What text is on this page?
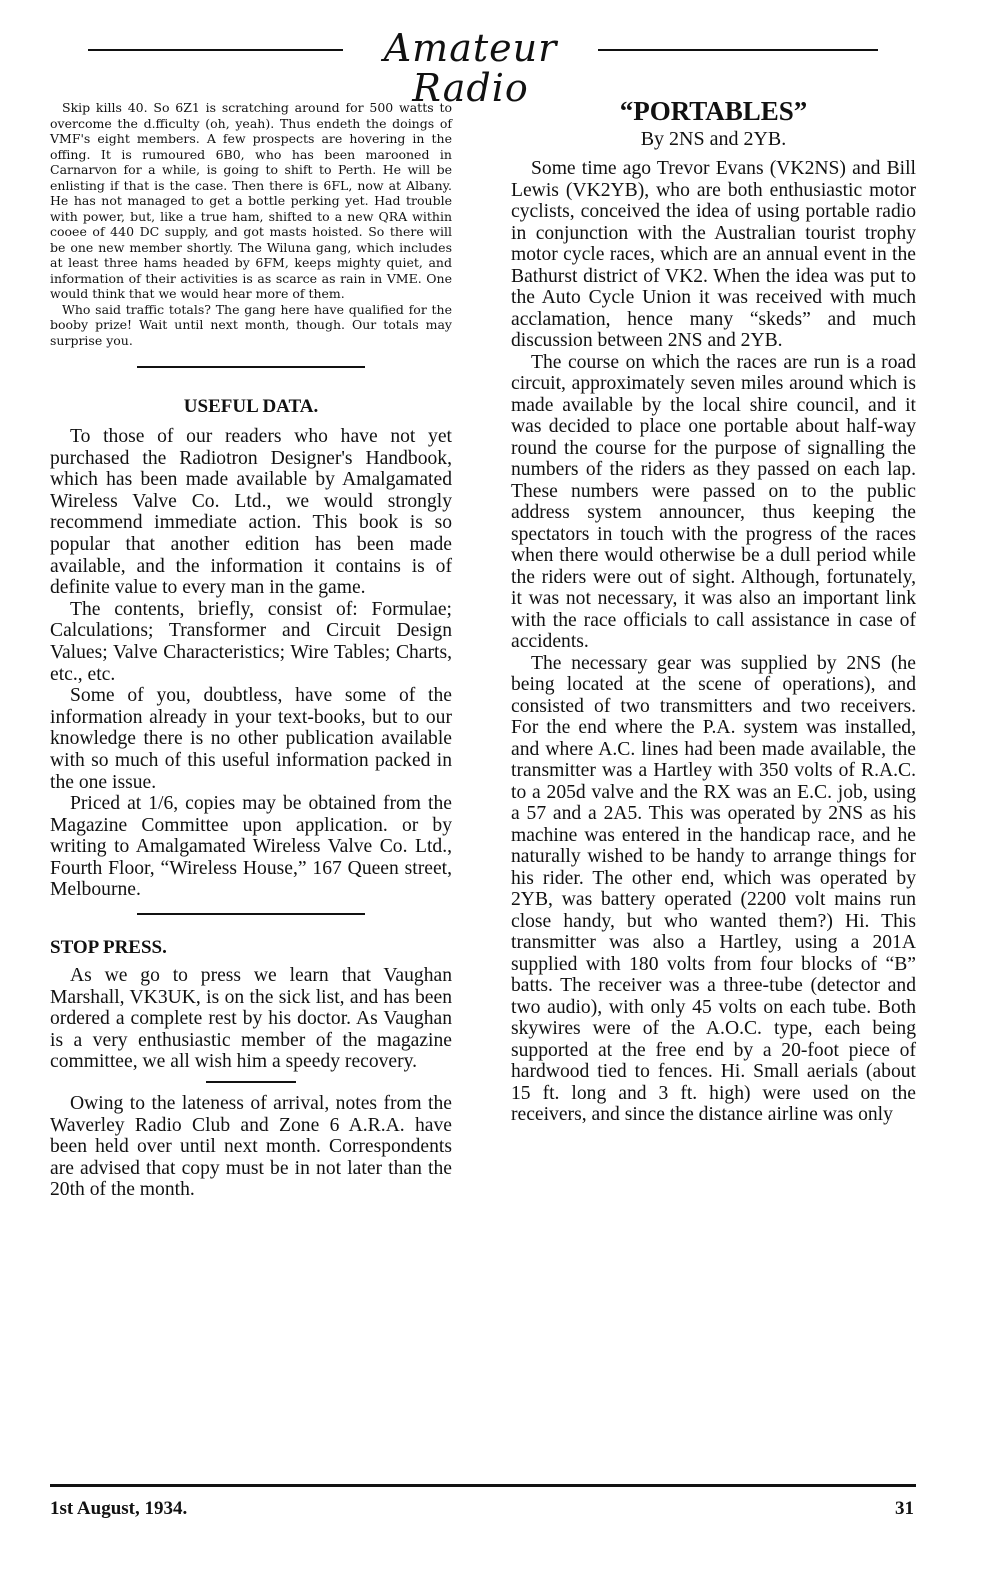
Amateur Radio

Skip kills 40. So 6Z1 is scratching around for 500 watts to overcome the d.fficulty (oh, yeah). Thus endeth the doings of VMF's eight members. A few prospects are hovering in the offing. It is rumoured 6B0, who has been marooned in Carnarvon for a while, is going to shift to Perth. He will be enlisting if that is the case. Then there is 6FL, now at Albany. He has not managed to get a bottle perking yet. Had trouble with power, but, like a true ham, shifted to a new QRA within cooee of 440 DC supply, and got masts hoisted. So there will be one new member shortly. The Wiluna gang, which includes at least three hams headed by 6FM, keeps mighty quiet, and information of their activities is as scarce as rain in VME. One would think that we would hear more of them.

Who said traffic totals? The gang here have qualified for the booby prize! Wait until next month, though. Our totals may surprise you.

USEFUL DATA.

To those of our readers who have not yet purchased the Radiotron Designer's Handbook, which has been made available by Amalgamated Wireless Valve Co. Ltd., we would strongly recommend immediate action. This book is so popular that another edition has been made available, and the information it contains is of definite value to every man in the game.

The contents, briefly, consist of: Formulae; Calculations; Transformer and Circuit Design Values; Valve Characteristics; Wire Tables; Charts, etc., etc.

Some of you, doubtless, have some of the information already in your text-books, but to our knowledge there is no other publication available with so much of this useful information packed in the one issue.

Priced at 1/6, copies may be obtained from the Magazine Committee upon application. or by writing to Amalgamated Wireless Valve Co. Ltd., Fourth Floor, “Wireless House,” 167 Queen street, Melbourne.

STOP PRESS.

As we go to press we learn that Vaughan Marshall, VK3UK, is on the sick list, and has been ordered a complete rest by his doctor. As Vaughan is a very enthusiastic member of the magazine committee, we all wish him a speedy recovery.

Owing to the lateness of arrival, notes from the Waverley Radio Club and Zone 6 A.R.A. have been held over until next month. Correspondents are advised that copy must be in not later than the 20th of the month.

“PORTABLES”
By 2NS and 2YB.

Some time ago Trevor Evans (VK2NS) and Bill Lewis (VK2YB), who are both enthusiastic motor cyclists, conceived the idea of using portable radio in conjunction with the Australian tourist trophy motor cycle races, which are an annual event in the Bathurst district of VK2. When the idea was put to the Auto Cycle Union it was received with much acclamation, hence many “skeds” and much discussion between 2NS and 2YB.

The course on which the races are run is a road circuit, approximately seven miles around which is made available by the local shire council, and it was decided to place one portable about half-way round the course for the purpose of signalling the numbers of the riders as they passed on each lap. These numbers were passed on to the public address system announcer, thus keeping the spectators in touch with the progress of the races when there would otherwise be a dull period while the riders were out of sight. Although, fortunately, it was not necessary, it was also an important link with the race officials to call assistance in case of accidents.

The necessary gear was supplied by 2NS (he being located at the scene of operations), and consisted of two transmitters and two receivers. For the end where the P.A. system was installed, and where A.C. lines had been made available, the transmitter was a Hartley with 350 volts of R.A.C. to a 205d valve and the RX was an E.C. job, using a 57 and a 2A5. This was operated by 2NS as his machine was entered in the handicap race, and he naturally wished to be handy to arrange things for his rider. The other end, which was operated by 2YB, was battery operated (2200 volt mains run close handy, but who wanted them?) Hi. This transmitter was also a Hartley, using a 201A supplied with 180 volts from four blocks of “B” batts. The receiver was a three-tube (detector and two audio), with only 45 volts on each tube. Both skywires were of the A.O.C. type, each being supported at the free end by a 20-foot piece of hardwood tied to fences. Hi. Small aerials (about 15 ft. long and 3 ft. high) were used on the receivers, and since the distance airline was only

1st August, 1934.	31
